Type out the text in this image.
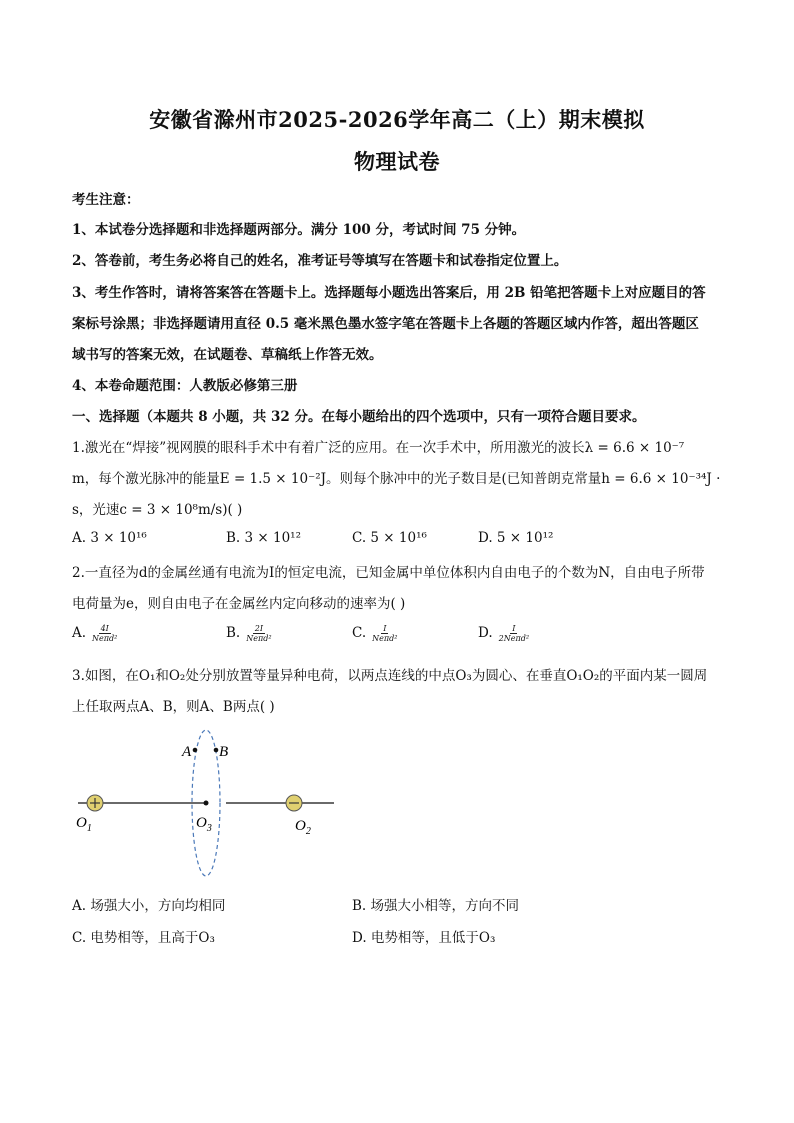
安徽省滁州市2025-2026学年高二（上）期末模拟
物理试卷
考生注意：
1、本试卷分选择题和非选择题两部分。满分 100 分，考试时间 75 分钟。
2、答卷前，考生务必将自己的姓名，准考证号等填写在答题卡和试卷指定位置上。
3、考生作答时，请将答案答在答题卡上。选择题每小题选出答案后，用 2B 铅笔把答题卡上对应题目的答
案标号涂黑；非选择题请用直径 0.5 毫米黑色墨水签字笔在答题卡上各题的答题区域内作答，超出答题区
域书写的答案无效，在试题卷、草稿纸上作答无效。
4、本卷命题范围：人教版必修第三册
一、选择题（本题共 8 小题，共 32 分。在每小题给出的四个选项中，只有一项符合题目要求。
1.激光在“焊接”视网膜的眼科手术中有着广泛的应用。在一次手术中，所用激光的波长λ = 6.6 × 10⁻⁷
m，每个激光脉冲的能量E = 1.5 × 10⁻²J。则每个脉冲中的光子数目是(已知普朗克常量h = 6.6 × 10⁻³⁴J ·
s，光速c = 3 × 10⁸m/s)( )
A. 3 × 10¹⁶	B. 3 × 10¹²	C. 5 × 10¹⁶	D. 5 × 10¹²
2.一直径为d的金属丝通有电流为I的恒定电流，已知金属中单位体积内自由电子的个数为N，自由电子所带
电荷量为e，则自由电子在金属丝内定向移动的速率为( )
A. $\frac{4I}{\text{Neπd²}}$	B. $\frac{2I}{\text{Neπd²}}$	C. $\frac{I}{\text{Neπd²}}$	D. $\frac{I}{\text{2Neπd²}}$
3.如图，在O₁和O₂处分别放置等量异种电荷，以两点连线的中点O₃为圆心、在垂直O₁O₂的平面内某一圆周
上任取两点A、B，则A、B两点( )
A B
$O_1$	$O_3$	$O_2$
A. 场强大小，方向均相同	B. 场强大小相等，方向不同
C. 电势相等，且高于O₃	D. 电势相等，且低于O₃
